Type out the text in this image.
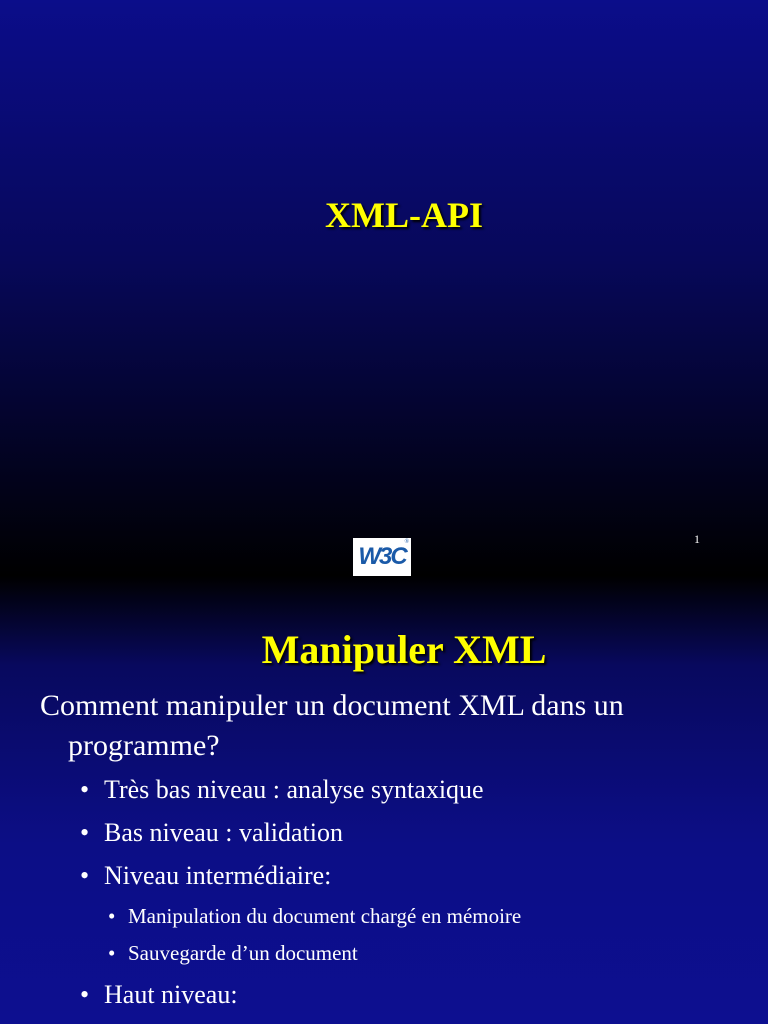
XML-API
1
W3C
®
Manipuler XML
Comment manipuler un document XML dans un programme?
• Très bas niveau : analyse syntaxique
• Bas niveau : validation
• Niveau intermédiaire:
• Manipulation du document chargé en mémoire
• Sauvegarde d’un document
• Haut niveau:
